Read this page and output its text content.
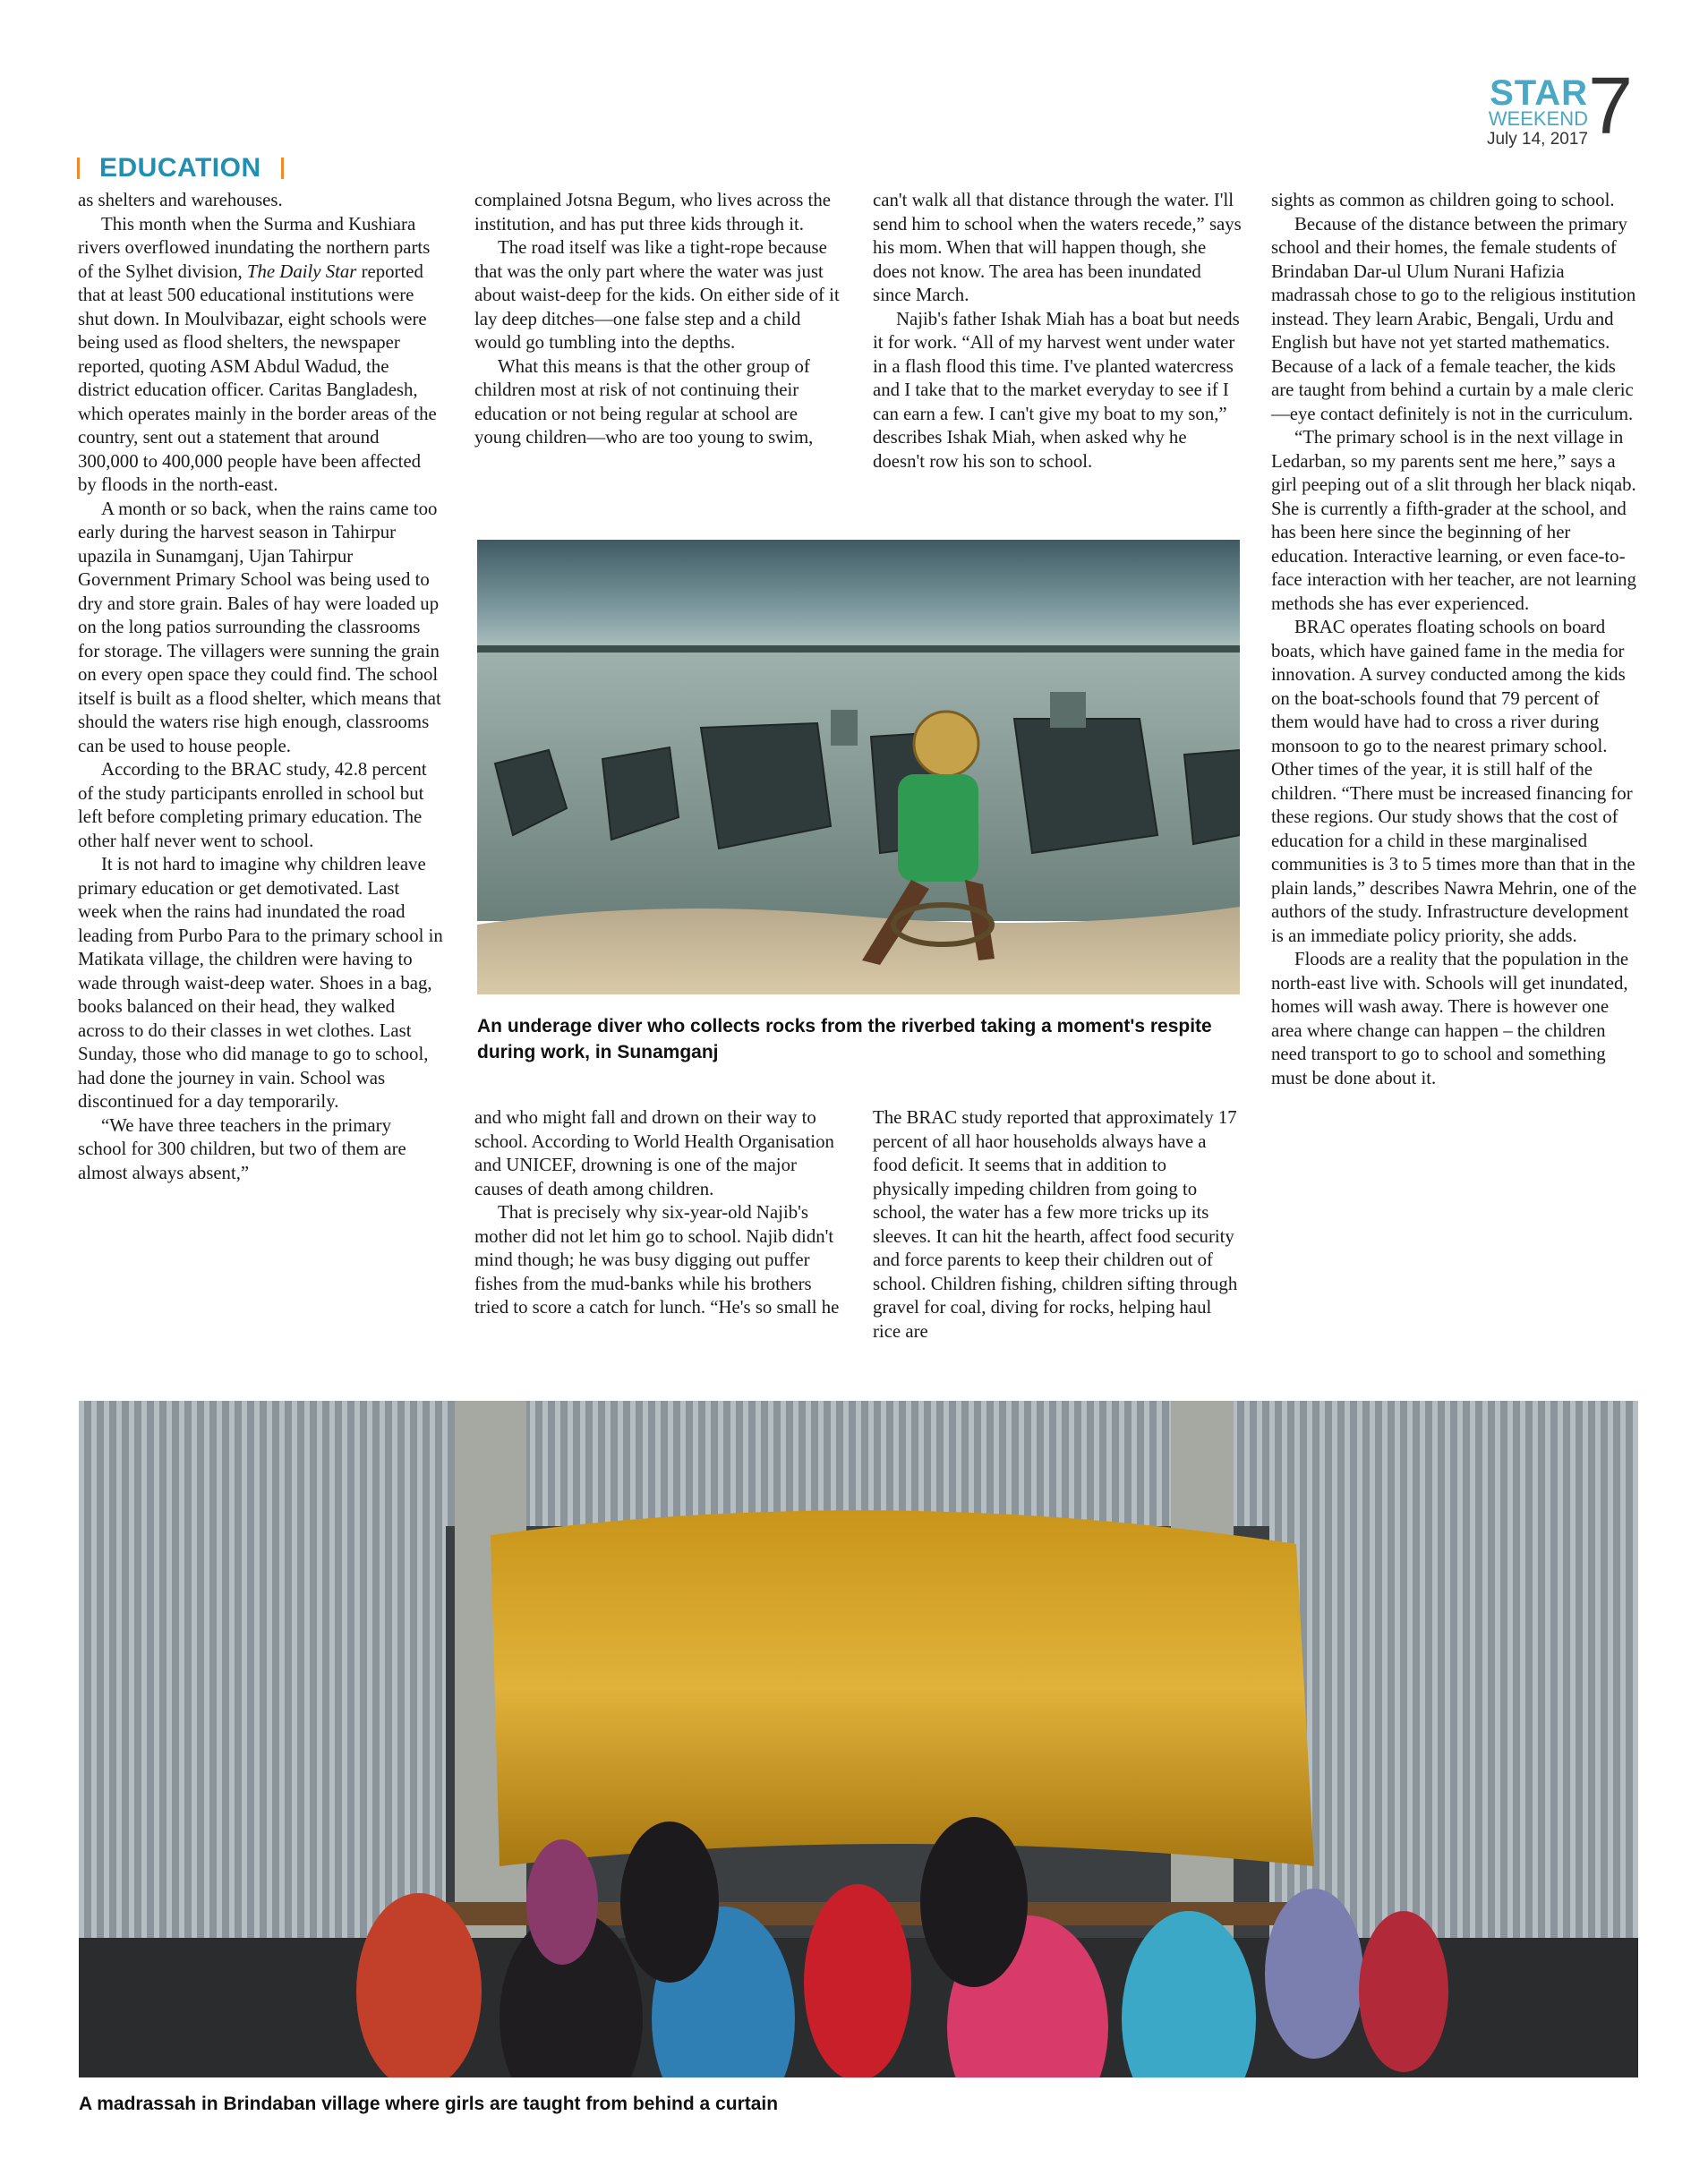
STAR
WEEKEND
July 14, 2017 7
EDUCATION

as shelters and warehouses.

This month when the Surma and Kushiara rivers overflowed inundating the northern parts of the Sylhet division, The Daily Star reported that at least 500 educational institutions were shut down. In Moulvibazar, eight schools were being used as flood shelters, the newspaper reported, quoting ASM Abdul Wadud, the district education officer. Caritas Bangladesh, which operates mainly in the border areas of the country, sent out a statement that around 300,000 to 400,000 people have been affected by floods in the north-east.

A month or so back, when the rains came too early during the harvest season in Tahirpur upazila in Sunamganj, Ujan Tahirpur Government Primary School was being used to dry and store grain. Bales of hay were loaded up on the long patios surrounding the classrooms for storage. The villagers were sunning the grain on every open space they could find. The school itself is built as a flood shelter, which means that should the waters rise high enough, classrooms can be used to house people.

According to the BRAC study, 42.8 percent of the study participants enrolled in school but left before completing primary education. The other half never went to school.

It is not hard to imagine why children leave primary education or get demotivated. Last week when the rains had inundated the road leading from Purbo Para to the primary school in Matikata village, the children were having to wade through waist-deep water. Shoes in a bag, books balanced on their head, they walked across to do their classes in wet clothes. Last Sunday, those who did manage to go to school, had done the journey in vain. School was discontinued for a day temporarily.

“We have three teachers in the primary school for 300 children, but two of them are almost always absent,”

complained Jotsna Begum, who lives across the institution, and has put three kids through it.

The road itself was like a tight-rope because that was the only part where the water was just about waist-deep for the kids. On either side of it lay deep ditches—one false step and a child would go tumbling into the depths.

What this means is that the other group of children most at risk of not continuing their education or not being regular at school are young children—who are too young to swim,

can't walk all that distance through the water. I'll send him to school when the waters recede,” says his mom. When that will happen though, she does not know. The area has been inundated since March.

Najib's father Ishak Miah has a boat but needs it for work. “All of my harvest went under water in a flash flood this time. I've planted watercress and I take that to the market everyday to see if I can earn a few. I can't give my boat to my son,” describes Ishak Miah, when asked why he doesn't row his son to school.

An underage diver who collects rocks from the riverbed taking a moment's respite during work, in Sunamganj

and who might fall and drown on their way to school. According to World Health Organisation and UNICEF, drowning is one of the major causes of death among children.

That is precisely why six-year-old Najib's mother did not let him go to school. Najib didn't mind though; he was busy digging out puffer fishes from the mud-banks while his brothers tried to score a catch for lunch. “He's so small he

The BRAC study reported that approximately 17 percent of all haor households always have a food deficit. It seems that in addition to physically impeding children from going to school, the water has a few more tricks up its sleeves. It can hit the hearth, affect food security and force parents to keep their children out of school. Children fishing, children sifting through gravel for coal, diving for rocks, helping haul rice are

sights as common as children going to school.

Because of the distance between the primary school and their homes, the female students of Brindaban Dar-ul Ulum Nurani Hafizia madrassah chose to go to the religious institution instead. They learn Arabic, Bengali, Urdu and English but have not yet started mathematics. Because of a lack of a female teacher, the kids are taught from behind a curtain by a male cleric—eye contact definitely is not in the curriculum.

“The primary school is in the next village in Ledarban, so my parents sent me here,” says a girl peeping out of a slit through her black niqab. She is currently a fifth-grader at the school, and has been here since the beginning of her education. Interactive learning, or even face-to-face interaction with her teacher, are not learning methods she has ever experienced.

BRAC operates floating schools on board boats, which have gained fame in the media for innovation. A survey conducted among the kids on the boat-schools found that 79 percent of them would have had to cross a river during monsoon to go to the nearest primary school. Other times of the year, it is still half of the children. “There must be increased financing for these regions. Our study shows that the cost of education for a child in these marginalised communities is 3 to 5 times more than that in the plain lands,” describes Nawra Mehrin, one of the authors of the study. Infrastructure development is an immediate policy priority, she adds.

Floods are a reality that the population in the north-east live with. Schools will get inundated, homes will wash away. There is however one area where change can happen – the children need transport to go to school and something must be done about it.

A madrassah in Brindaban village where girls are taught from behind a curtain
